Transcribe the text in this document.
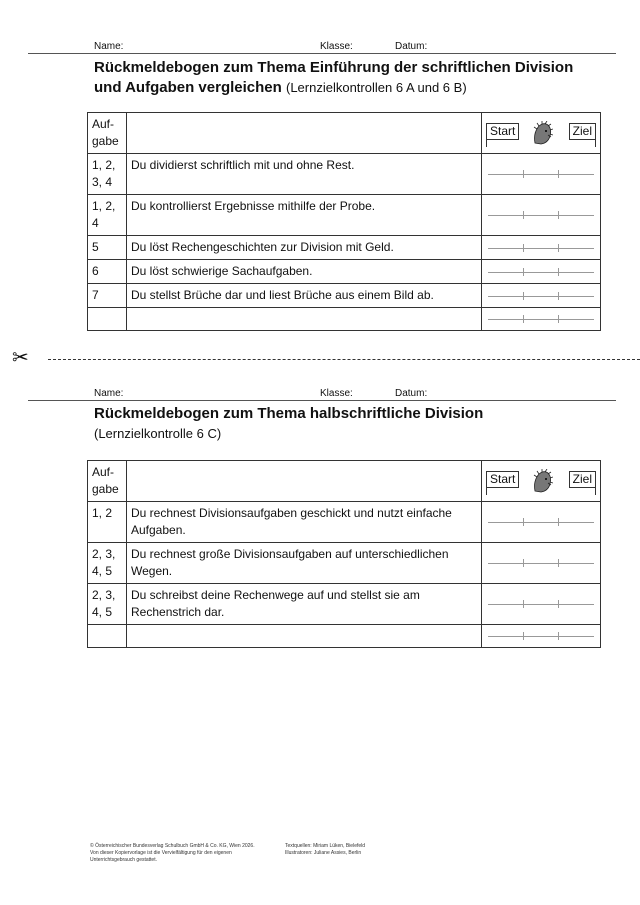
Name:	Klasse:	Datum:
Rückmeldebogen zum Thema Einführung der schriftlichen Division und Aufgaben vergleichen (Lernzielkontrollen 6 A und 6 B)
Auf-
gabe		Start Ziel

1, 2,
3, 4	Du dividierst schriftlich mit und ohne Rest.	

1, 2,
4	Du kontrollierst Ergebnisse mithilfe der Probe.	

5	Du löst Rechengeschichten zur Division mit Geld.	

6	Du löst schwierige Sachaufgaben.	

7	Du stellst Brüche dar und liest Brüche aus einem Bild ab.	

✂
Name:	Klasse:	Datum:
Rückmeldebogen zum Thema halbschriftliche Division
(Lernzielkontrolle 6 C)
Auf-
gabe		Start Ziel

1, 2	Du rechnest Divisionsaufgaben geschickt und nutzt einfache Aufgaben.	

2, 3,
4, 5	Du rechnest große Divisionsaufgaben auf unterschiedlichen Wegen.	

2, 3,
4, 5	Du schreibst deine Rechenwege auf und stellst sie am Rechenstrich dar.	

© Österreichischer Bundesverlag Schulbuch GmbH & Co. KG, Wien 2026.
Von dieser Kopiervorlage ist die Vervielfältigung für den eigenen
Unterrichtsgebrauch gestattet.
Textquellen: Miriam Lüken, Bielefeld
Illustratoren: Juliane Assies, Berlin
